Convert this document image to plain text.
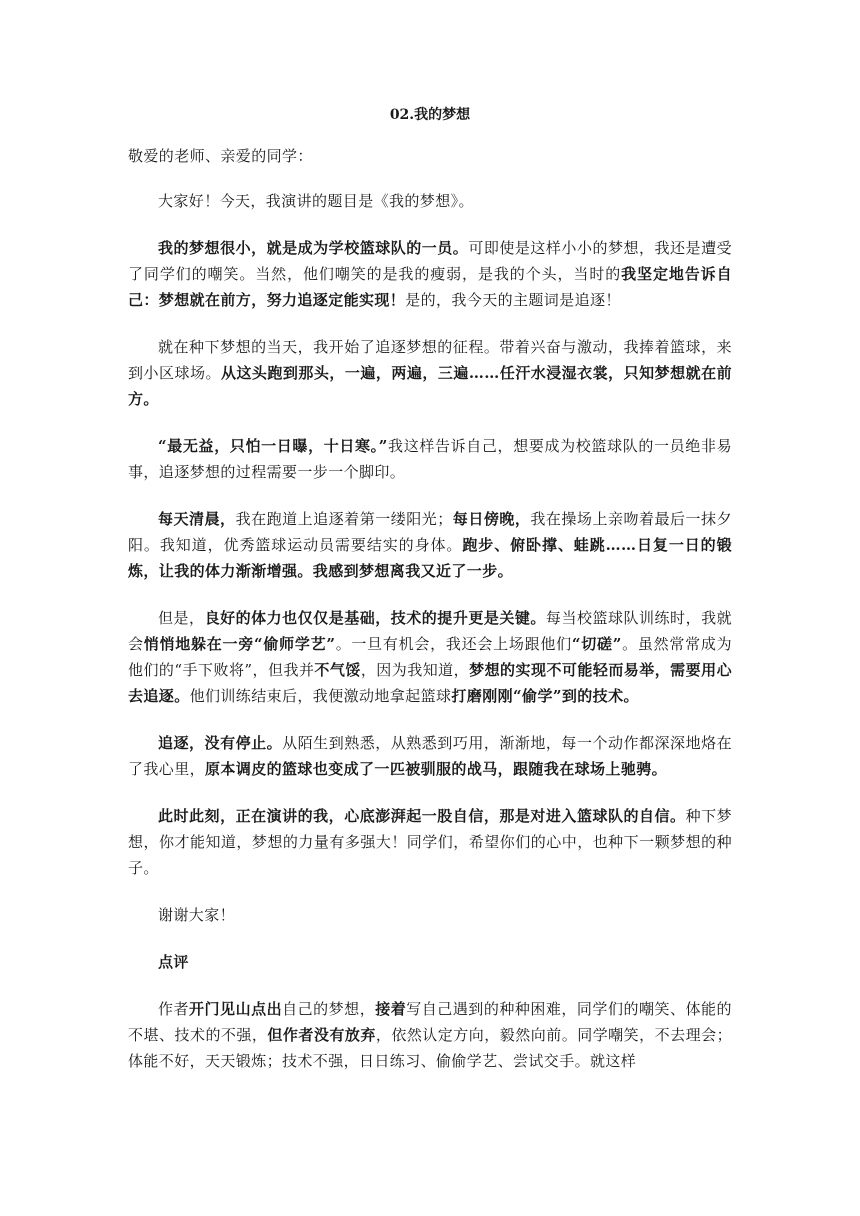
02.我的梦想

敬爱的老师、亲爱的同学：

大家好！今天，我演讲的题目是《我的梦想》。

我的梦想很小，就是成为学校篮球队的一员。可即使是这样小小的梦想，我还是遭受了同学们的嘲笑。当然，他们嘲笑的是我的瘦弱，是我的个头，当时的我坚定地告诉自己：梦想就在前方，努力追逐定能实现！是的，我今天的主题词是追逐！

就在种下梦想的当天，我开始了追逐梦想的征程。带着兴奋与激动，我捧着篮球，来到小区球场。从这头跑到那头，一遍，两遍，三遍……任汗水浸湿衣裳，只知梦想就在前方。

“最无益，只怕一日曝，十日寒。”我这样告诉自己，想要成为校篮球队的一员绝非易事，追逐梦想的过程需要一步一个脚印。

每天清晨，我在跑道上追逐着第一缕阳光；每日傍晚，我在操场上亲吻着最后一抹夕阳。我知道，优秀篮球运动员需要结实的身体。跑步、俯卧撑、蛙跳……日复一日的锻炼，让我的体力渐渐增强。我感到梦想离我又近了一步。

但是，良好的体力也仅仅是基础，技术的提升更是关键。每当校篮球队训练时，我就会悄悄地躲在一旁“偷师学艺”。一旦有机会，我还会上场跟他们“切磋”。虽然常常成为他们的“手下败将”，但我并不气馁，因为我知道，梦想的实现不可能轻而易举，需要用心去追逐。他们训练结束后，我便激动地拿起篮球打磨刚刚“偷学”到的技术。

追逐，没有停止。从陌生到熟悉，从熟悉到巧用，渐渐地，每一个动作都深深地烙在了我心里，原本调皮的篮球也变成了一匹被驯服的战马，跟随我在球场上驰骋。

此时此刻，正在演讲的我，心底澎湃起一股自信，那是对进入篮球队的自信。种下梦想，你才能知道，梦想的力量有多强大！同学们，希望你们的心中，也种下一颗梦想的种子。

谢谢大家！

点评

作者开门见山点出自己的梦想，接着写自己遇到的种种困难，同学们的嘲笑、体能的不堪、技术的不强，但作者没有放弃，依然认定方向，毅然向前。同学嘲笑，不去理会；体能不好，天天锻炼；技术不强，日日练习、偷偷学艺、尝试交手。就这样
